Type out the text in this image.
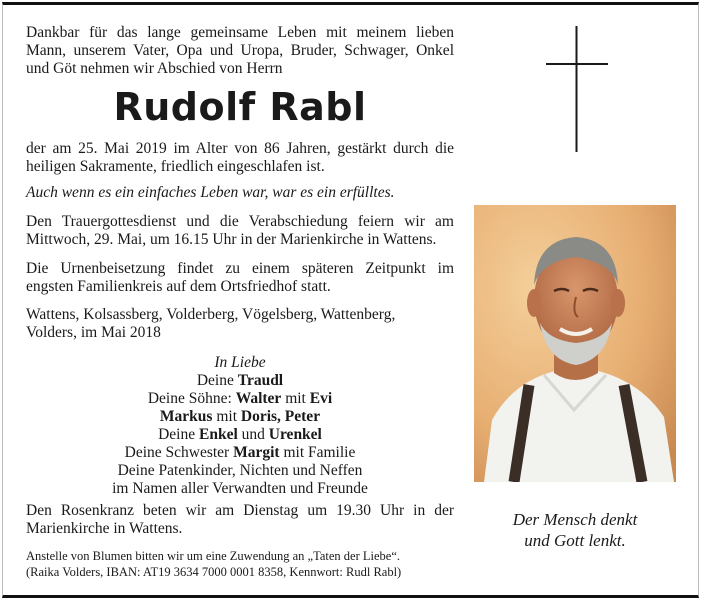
Dankbar für das lange gemeinsame Leben mit meinem lieben
Mann, unserem Vater, Opa und Uropa, Bruder, Schwager, Onkel
und Göt nehmen wir Abschied von Herrn
Rudolf Rabl
der am 25. Mai 2019 im Alter von 86 Jahren, gestärkt durch die
heiligen Sakramente, friedlich eingeschlafen ist.
Auch wenn es ein einfaches Leben war, war es ein erfülltes.
Den Trauergottesdienst und die Verabschiedung feiern wir am
Mittwoch, 29. Mai, um 16.15 Uhr in der Marienkirche in Wattens.
Die Urnenbeisetzung findet zu einem späteren Zeitpunkt im
engsten Familienkreis auf dem Ortsfriedhof statt.
Wattens, Kolsassberg, Volderberg, Vögelsberg, Wattenberg,
Volders, im Mai 2018
In Liebe
Deine Traudl
Deine Söhne: Walter mit Evi
Markus mit Doris, Peter
Deine Enkel und Urenkel
Deine Schwester Margit mit Familie
Deine Patenkinder, Nichten und Neffen
im Namen aller Verwandten und Freunde
Den Rosenkranz beten wir am Dienstag um 19.30 Uhr in der
Marienkirche in Wattens.
Anstelle von Blumen bitten wir um eine Zuwendung an „Taten der Liebe“.
(Raika Volders, IBAN: AT19 3634 7000 0001 8358, Kennwort: Rudl Rabl)
Der Mensch denkt
und Gott lenkt.
